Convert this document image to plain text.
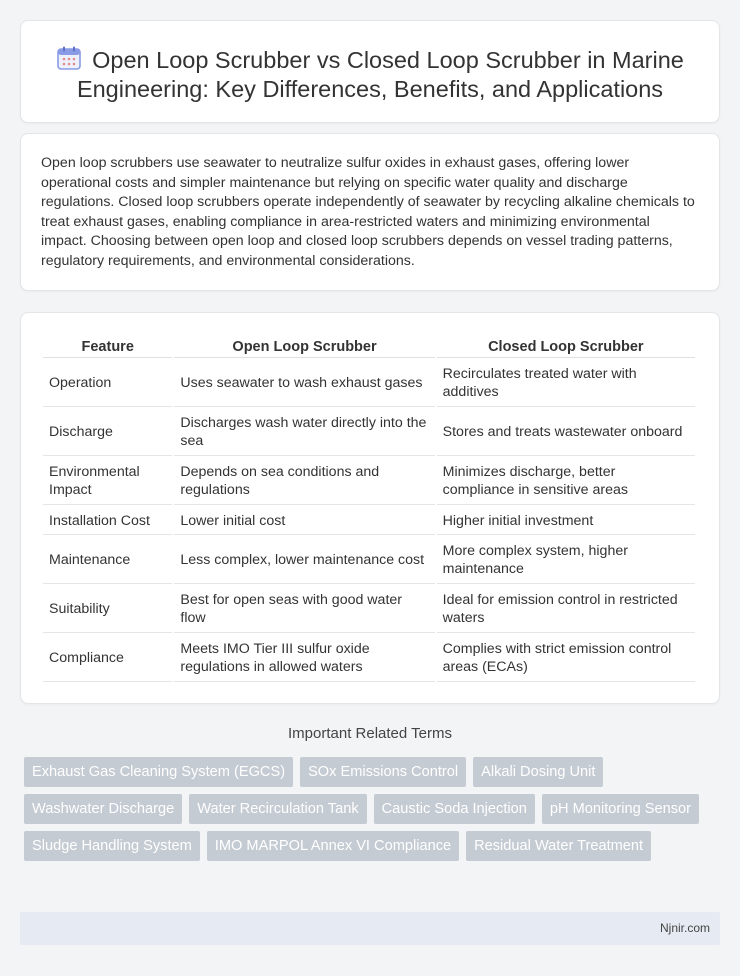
Open Loop Scrubber vs Closed Loop Scrubber in Marine Engineering: Key Differences, Benefits, and Applications

Open loop scrubbers use seawater to neutralize sulfur oxides in exhaust gases, offering lower operational costs and simpler maintenance but relying on specific water quality and discharge regulations. Closed loop scrubbers operate independently of seawater by recycling alkaline chemicals to treat exhaust gases, enabling compliance in area-restricted waters and minimizing environmental impact. Choosing between open loop and closed loop scrubbers depends on vessel trading patterns, regulatory requirements, and environmental considerations.

Feature	Open Loop Scrubber	Closed Loop Scrubber
Operation	Uses seawater to wash exhaust gases	Recirculates treated water with additives
Discharge	Discharges wash water directly into the sea	Stores and treats wastewater onboard
Environmental Impact	Depends on sea conditions and regulations	Minimizes discharge, better compliance in sensitive areas
Installation Cost	Lower initial cost	Higher initial investment
Maintenance	Less complex, lower maintenance cost	More complex system, higher maintenance
Suitability	Best for open seas with good water flow	Ideal for emission control in restricted waters
Compliance	Meets IMO Tier III sulfur oxide regulations in allowed waters	Complies with strict emission control areas (ECAs)
Important Related Terms
Exhaust Gas Cleaning System (EGCS)	SOx Emissions Control	Alkali Dosing Unit
Washwater Discharge	Water Recirculation Tank	Caustic Soda Injection	pH Monitoring Sensor
Sludge Handling System	IMO MARPOL Annex VI Compliance	Residual Water Treatment
Njnir.com
